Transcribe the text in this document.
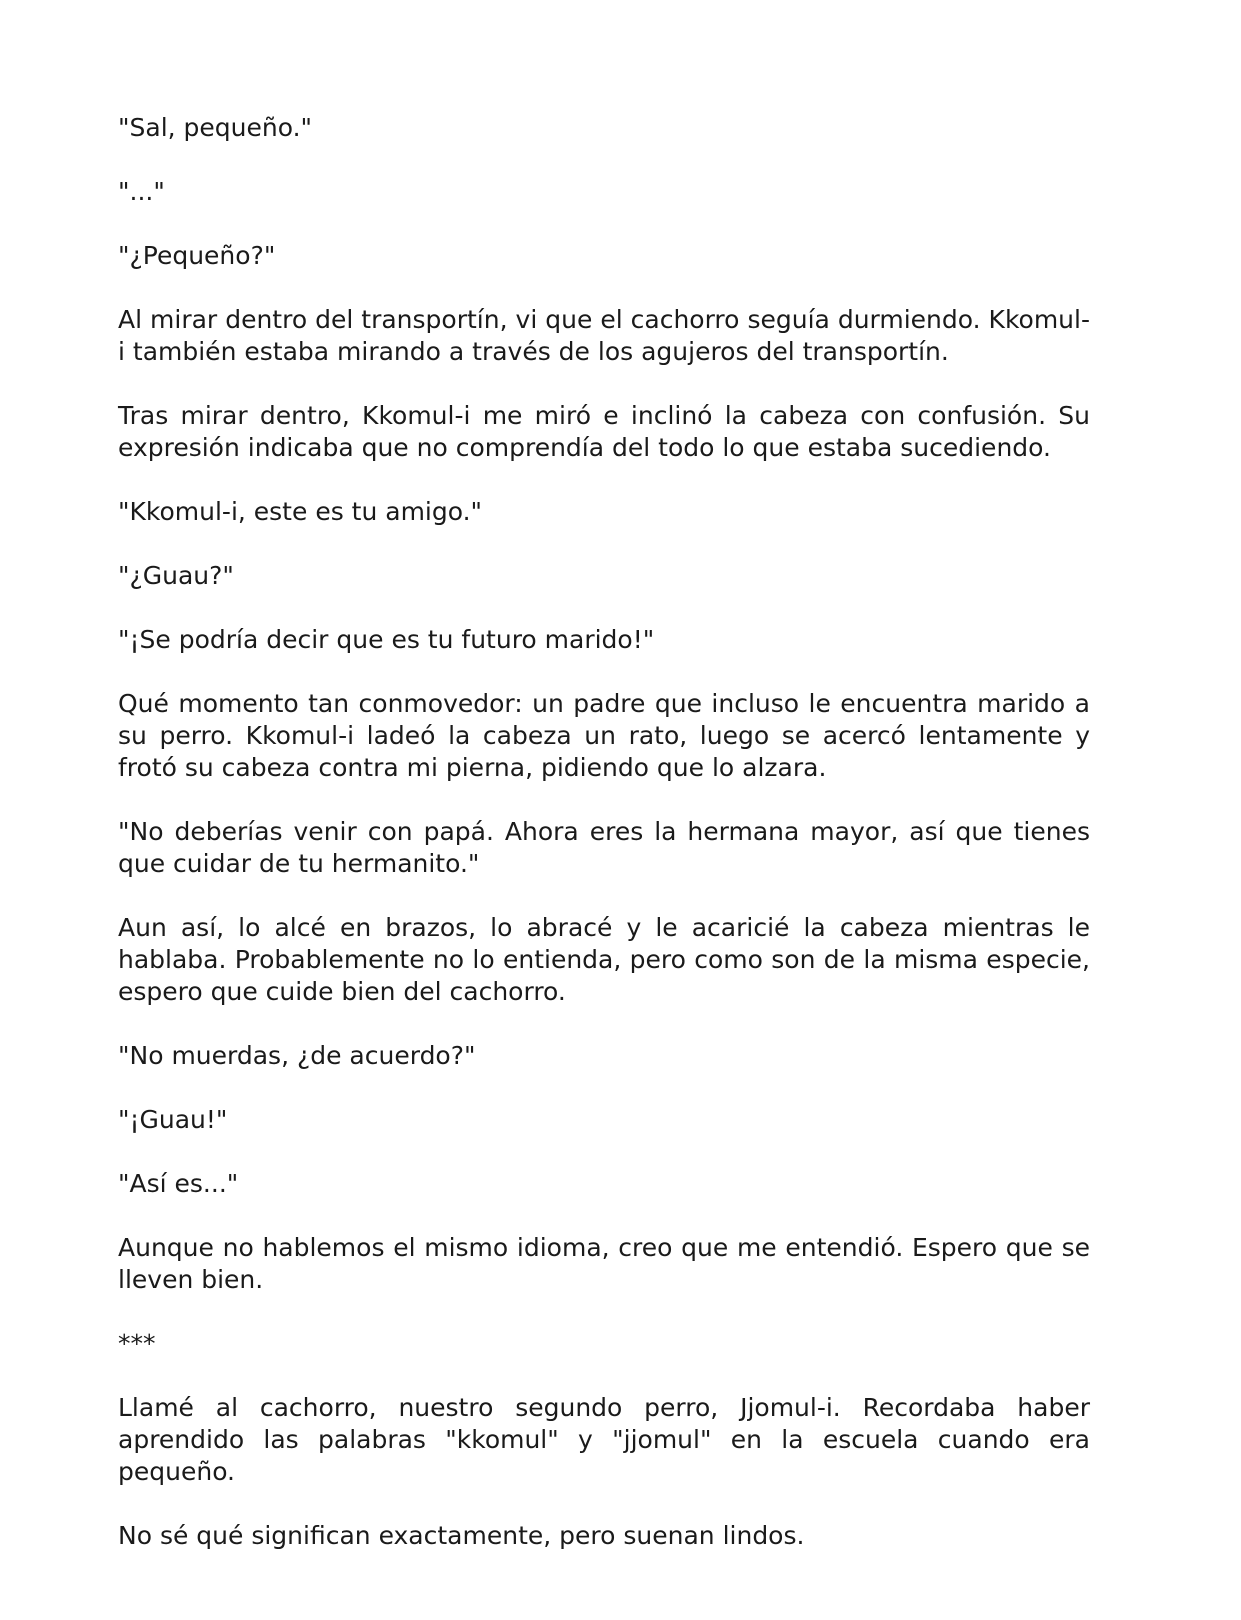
"Sal, pequeño."

"..."

"¿Pequeño?"

Al mirar dentro del transportín, vi que el cachorro seguía durmiendo. Kkomul-i también estaba mirando a través de los agujeros del transportín.

Tras mirar dentro, Kkomul-i me miró e inclinó la cabeza con confusión. Su expresión indicaba que no comprendía del todo lo que estaba sucediendo.

"Kkomul-i, este es tu amigo."

"¿Guau?"

"¡Se podría decir que es tu futuro marido!"

Qué momento tan conmovedor: un padre que incluso le encuentra marido a su perro. Kkomul-i ladeó la cabeza un rato, luego se acercó lentamente y frotó su cabeza contra mi pierna, pidiendo que lo alzara.

"No deberías venir con papá. Ahora eres la hermana mayor, así que tienes que cuidar de tu hermanito."

Aun así, lo alcé en brazos, lo abracé y le acaricié la cabeza mientras le hablaba. Probablemente no lo entienda, pero como son de la misma especie, espero que cuide bien del cachorro.

"No muerdas, ¿de acuerdo?"

"¡Guau!"

"Así es..."

Aunque no hablemos el mismo idioma, creo que me entendió. Espero que se lleven bien.

***

Llamé al cachorro, nuestro segundo perro, Jjomul-i. Recordaba haber aprendido las palabras "kkomul" y "jjomul" en la escuela cuando era pequeño.

No sé qué significan exactamente, pero suenan lindos.
